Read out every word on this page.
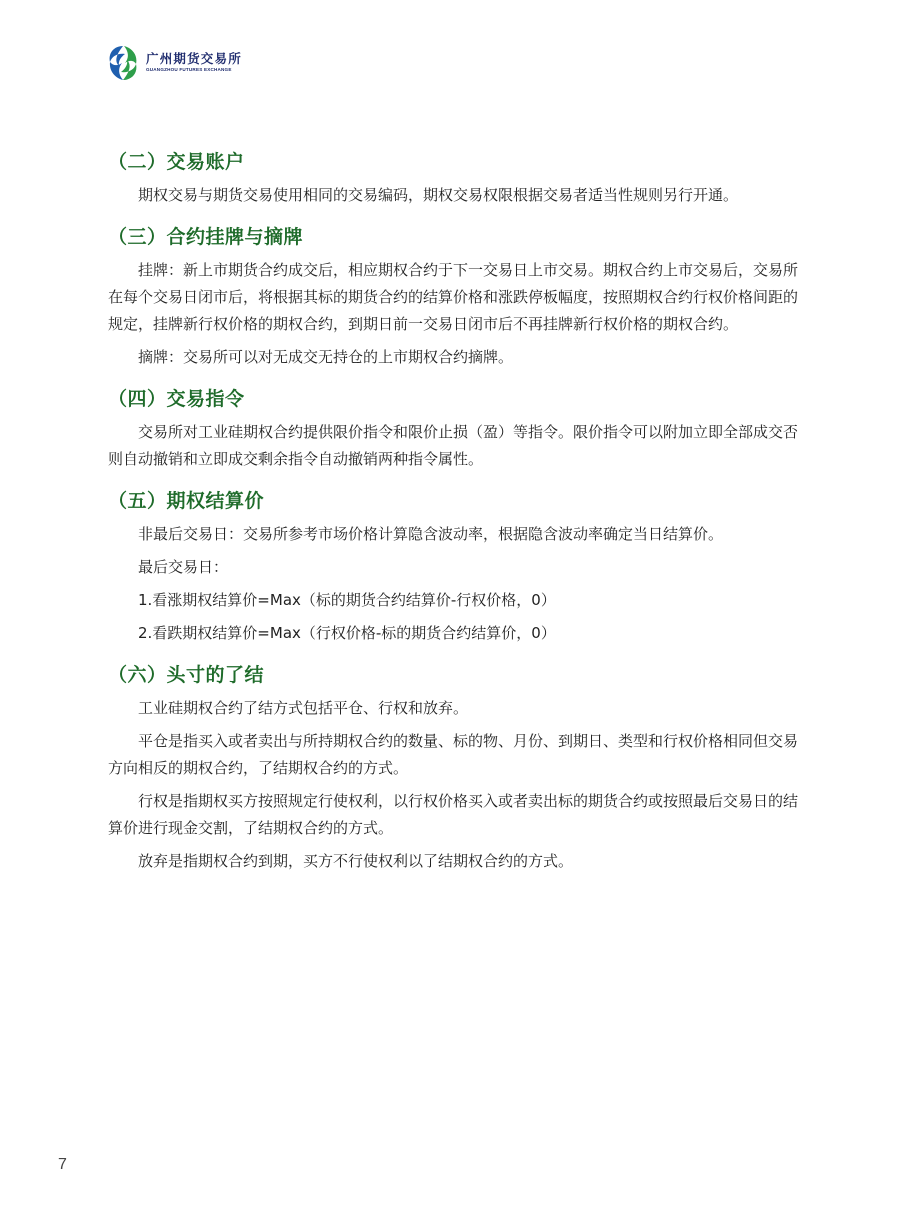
广州期货交易所
GUANGZHOU FUTURES EXCHANGE
（二）交易账户

期权交易与期货交易使用相同的交易编码，期权交易权限根据交易者适当性规则另行开通。

（三）合约挂牌与摘牌

挂牌：新上市期货合约成交后，相应期权合约于下一交易日上市交易。期权合约上市交易后，交易所在每个交易日闭市后，将根据其标的期货合约的结算价格和涨跌停板幅度，按照期权合约行权价格间距的规定，挂牌新行权价格的期权合约，到期日前一交易日闭市后不再挂牌新行权价格的期权合约。

摘牌：交易所可以对无成交无持仓的上市期权合约摘牌。

（四）交易指令

交易所对工业硅期权合约提供限价指令和限价止损（盈）等指令。限价指令可以附加立即全部成交否则自动撤销和立即成交剩余指令自动撤销两种指令属性。

（五）期权结算价

非最后交易日：交易所参考市场价格计算隐含波动率，根据隐含波动率确定当日结算价。

最后交易日：

1.看涨期权结算价=Max（标的期货合约结算价-行权价格，0）

2.看跌期权结算价=Max（行权价格-标的期货合约结算价，0）

（六）头寸的了结

工业硅期权合约了结方式包括平仓、行权和放弃。

平仓是指买入或者卖出与所持期权合约的数量、标的物、月份、到期日、类型和行权价格相同但交易方向相反的期权合约，了结期权合约的方式。

行权是指期权买方按照规定行使权利，以行权价格买入或者卖出标的期货合约或按照最后交易日的结算价进行现金交割，了结期权合约的方式。

放弃是指期权合约到期，买方不行使权利以了结期权合约的方式。

7
